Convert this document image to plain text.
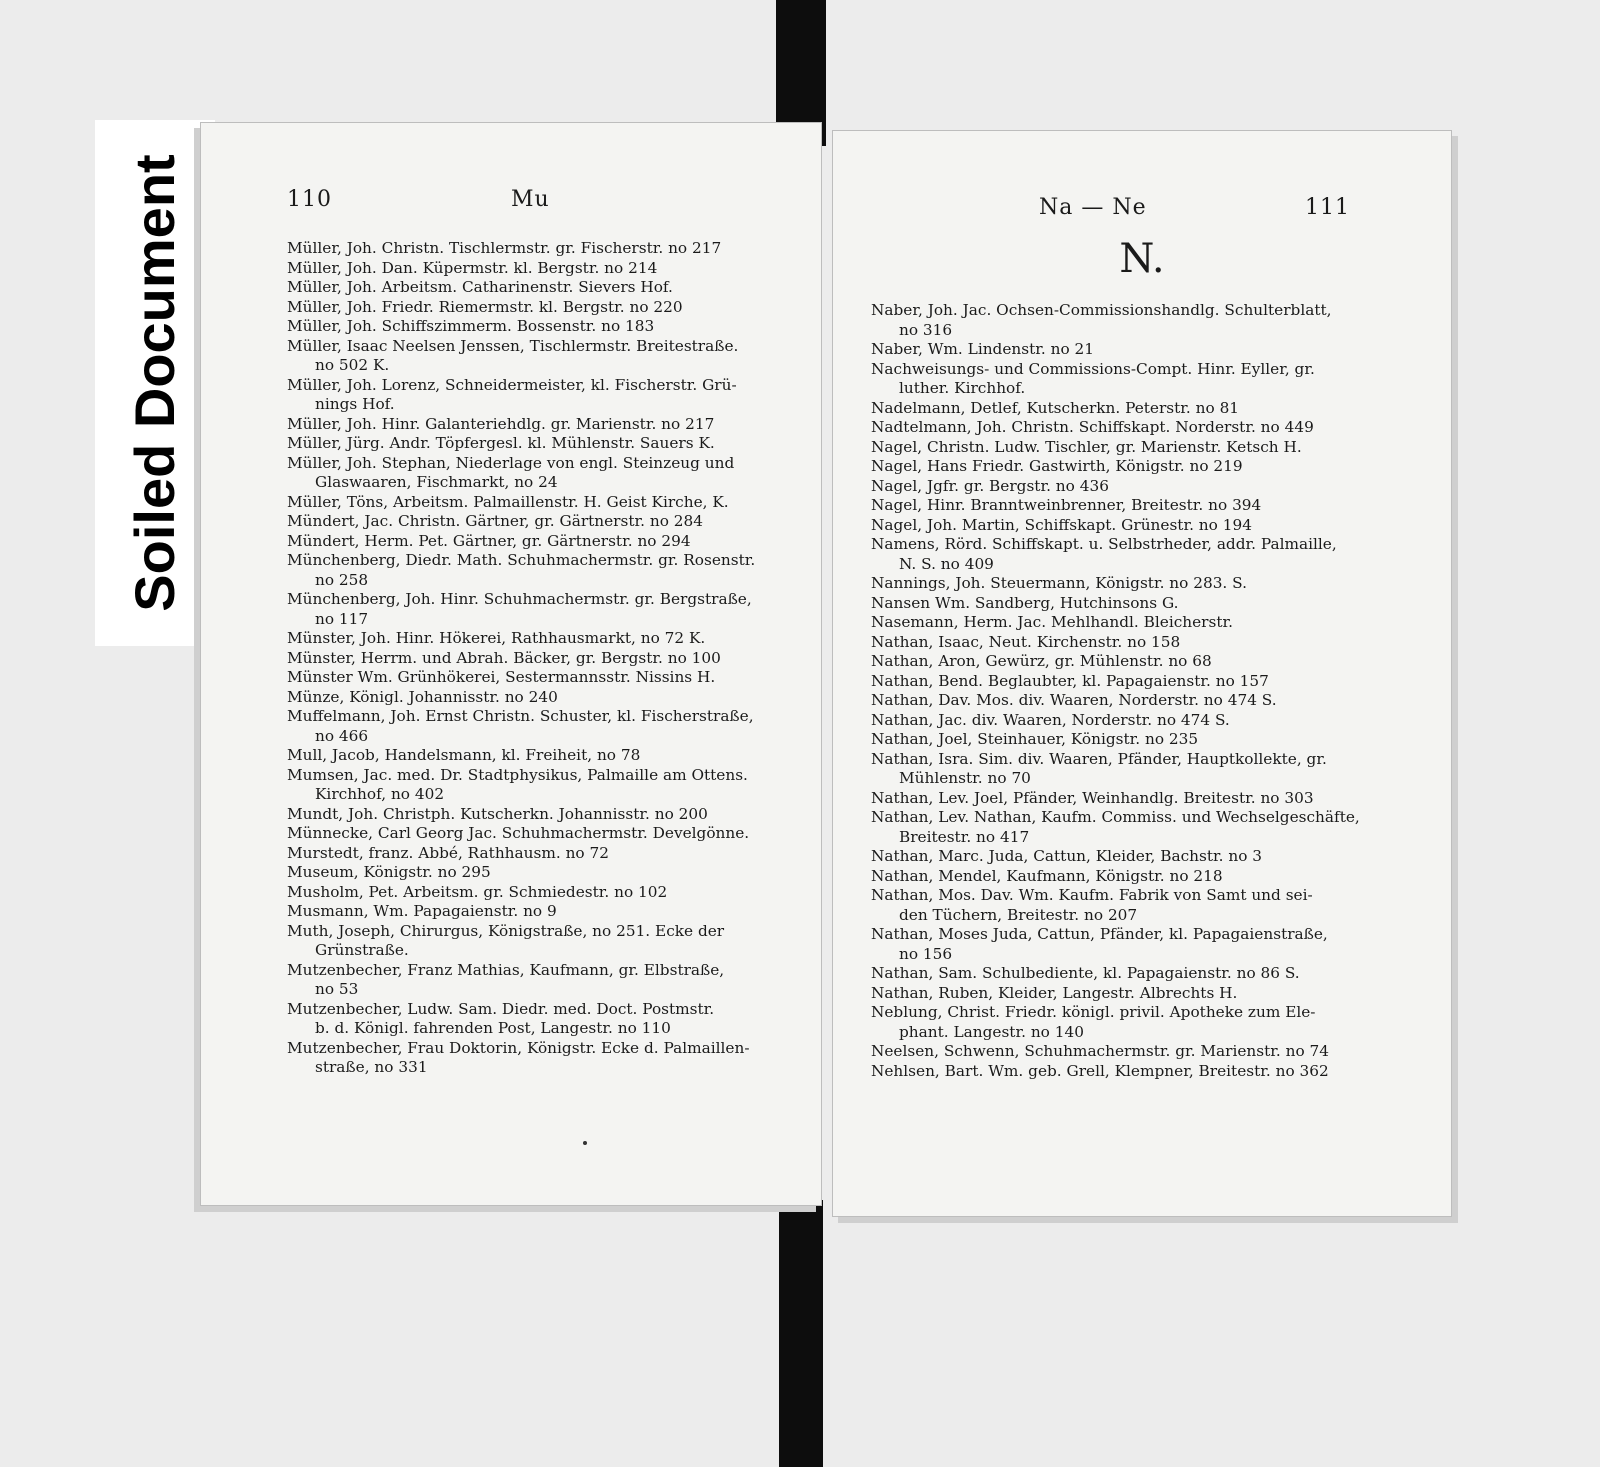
Soiled Document	110	Mu
Müller, Joh. Christn. Tischlermstr. gr. Fischerstr. no 217
Müller, Joh. Dan. Küpermstr. kl. Bergstr. no 214
Müller, Joh. Arbeitsm. Catharinenstr. Sievers Hof.
Müller, Joh. Friedr. Riemermstr. kl. Bergstr. no 220
Müller, Joh. Schiffszimmerm. Bossenstr. no 183
Müller, Isaac Neelsen Jenssen, Tischlermstr. Breitestraße.
no 502 K.
Müller, Joh. Lorenz, Schneidermeister, kl. Fischerstr. Grü-
nings Hof.
Müller, Joh. Hinr. Galanteriehdlg. gr. Marienstr. no 217
Müller, Jürg. Andr. Töpfergesl. kl. Mühlenstr. Sauers K.
Müller, Joh. Stephan, Niederlage von engl. Steinzeug und
Glaswaaren, Fischmarkt, no 24
Müller, Töns, Arbeitsm. Palmaillenstr. H. Geist Kirche, K.
Mündert, Jac. Christn. Gärtner, gr. Gärtnerstr. no 284
Mündert, Herm. Pet. Gärtner, gr. Gärtnerstr. no 294
Münchenberg, Diedr. Math. Schuhmachermstr. gr. Rosenstr.
no 258
Münchenberg, Joh. Hinr. Schuhmachermstr. gr. Bergstraße,
no 117
Münster, Joh. Hinr. Hökerei, Rathhausmarkt, no 72 K.
Münster, Herrm. und Abrah. Bäcker, gr. Bergstr. no 100
Münster Wm. Grünhökerei, Sestermannsstr. Nissins H.
Münze, Königl. Johannisstr. no 240
Muffelmann, Joh. Ernst Christn. Schuster, kl. Fischerstraße,
no 466
Mull, Jacob, Handelsmann, kl. Freiheit, no 78
Mumsen, Jac. med. Dr. Stadtphysikus, Palmaille am Ottens.
Kirchhof, no 402
Mundt, Joh. Christph. Kutscherkn. Johannisstr. no 200
Münnecke, Carl Georg Jac. Schuhmachermstr. Develgönne.
Murstedt, franz. Abbé, Rathhausm. no 72
Museum, Königstr. no 295
Musholm, Pet. Arbeitsm. gr. Schmiedestr. no 102
Musmann, Wm. Papagaienstr. no 9
Muth, Joseph, Chirurgus, Königstraße, no 251. Ecke der
Grünstraße.
Mutzenbecher, Franz Mathias, Kaufmann, gr. Elbstraße,
no 53
Mutzenbecher, Ludw. Sam. Diedr. med. Doct. Postmstr.
b. d. Königl. fahrenden Post, Langestr. no 110
Mutzenbecher, Frau Doktorin, Königstr. Ecke d. Palmaillen-
straße, no 331
Na — Ne	111
N.
Naber, Joh. Jac. Ochsen-Commissionshandlg. Schulterblatt,
no 316
Naber, Wm. Lindenstr. no 21
Nachweisungs- und Commissions-Compt. Hinr. Eyller, gr.
luther. Kirchhof.
Nadelmann, Detlef, Kutscherkn. Peterstr. no 81
Nadtelmann, Joh. Christn. Schiffskapt. Norderstr. no 449
Nagel, Christn. Ludw. Tischler, gr. Marienstr. Ketsch H.
Nagel, Hans Friedr. Gastwirth, Königstr. no 219
Nagel, Jgfr. gr. Bergstr. no 436
Nagel, Hinr. Branntweinbrenner, Breitestr. no 394
Nagel, Joh. Martin, Schiffskapt. Grünestr. no 194
Namens, Rörd. Schiffskapt. u. Selbstrheder, addr. Palmaille,
N. S. no 409
Nannings, Joh. Steuermann, Königstr. no 283. S.
Nansen Wm. Sandberg, Hutchinsons G.
Nasemann, Herm. Jac. Mehlhandl. Bleicherstr.
Nathan, Isaac, Neut. Kirchenstr. no 158
Nathan, Aron, Gewürz, gr. Mühlenstr. no 68
Nathan, Bend. Beglaubter, kl. Papagaienstr. no 157
Nathan, Dav. Mos. div. Waaren, Norderstr. no 474 S.
Nathan, Jac. div. Waaren, Norderstr. no 474 S.
Nathan, Joel, Steinhauer, Königstr. no 235
Nathan, Isra. Sim. div. Waaren, Pfänder, Hauptkollekte, gr.
Mühlenstr. no 70
Nathan, Lev. Joel, Pfänder, Weinhandlg. Breitestr. no 303
Nathan, Lev. Nathan, Kaufm. Commiss. und Wechselgeschäfte,
Breitestr. no 417
Nathan, Marc. Juda, Cattun, Kleider, Bachstr. no 3
Nathan, Mendel, Kaufmann, Königstr. no 218
Nathan, Mos. Dav. Wm. Kaufm. Fabrik von Samt und sei-
den Tüchern, Breitestr. no 207
Nathan, Moses Juda, Cattun, Pfänder, kl. Papagaienstraße,
no 156
Nathan, Sam. Schulbediente, kl. Papagaienstr. no 86 S.
Nathan, Ruben, Kleider, Langestr. Albrechts H.
Neblung, Christ. Friedr. königl. privil. Apotheke zum Ele-
phant. Langestr. no 140
Neelsen, Schwenn, Schuhmachermstr. gr. Marienstr. no 74
Nehlsen, Bart. Wm. geb. Grell, Klempner, Breitestr. no 362
